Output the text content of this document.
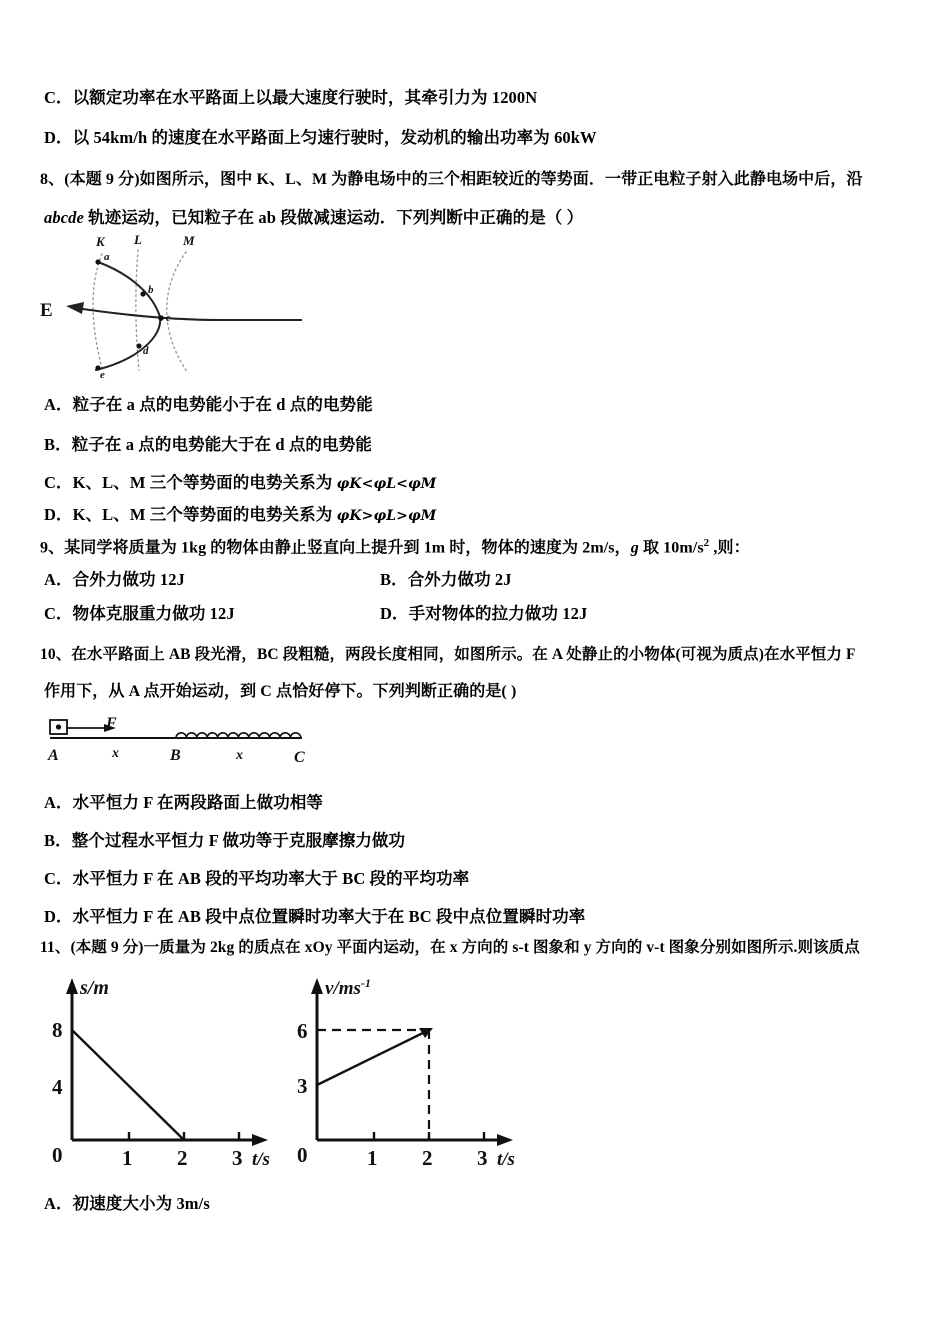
C．以额定功率在水平路面上以最大速度行驶时，其牵引力为 1200N
D．以 54km/h 的速度在水平路面上匀速行驶时，发动机的输出功率为 60kW
8、(本题 9 分)如图所示，图中 K、L、M 为静电场中的三个相距较近的等势面．一带正电粒子射入此静电场中后，沿
abcde 轨迹运动，已知粒子在 ab 段做减速运动．下列判断中正确的是（ ）
K L	M
a
b
c
d
e
E
A．粒子在 a 点的电势能小于在 d 点的电势能
B．粒子在 a 点的电势能大于在 d 点的电势能
C．K、L、M 三个等势面的电势关系为 φK<φL<φM
D．K、L、M 三个等势面的电势关系为 φK>φL>φM
9、某同学将质量为 1kg 的物体由静止竖直向上提升到 1m 时，物体的速度为 2m/s，g 取 $10m/s^2$ ,则：
A．合外力做功 12J	B．合外力做功 2J
C．物体克服重力做功 12J	D．手对物体的拉力做功 12J
10、在水平路面上 AB 段光滑，BC 段粗糙，两段长度相同，如图所示。在 A 处静止的小物体(可视为质点)在水平恒力 F
作用下，从 A 点开始运动，到 C 点恰好停下。下列判断正确的是( )
F
A	B	C
x	x
A．水平恒力 F 在两段路面上做功相等
B．整个过程水平恒力 F 做功等于克服摩擦力做功
C．水平恒力 F 在 AB 段的平均功率大于 BC 段的平均功率
D．水平恒力 F 在 AB 段中点位置瞬时功率大于在 BC 段中点位置瞬时功率
11、(本题 9 分)一质量为 2kg 的质点在 xOy 平面内运动，在 x 方向的 s-t 图象和 y 方向的 v-t 图象分别如图所示.则该质点
8
4
0	1 2 3
s/m
t/s
6
3
0	1 2 3
$v/ms^{-1}$
t/s
A．初速度大小为 3m/s
